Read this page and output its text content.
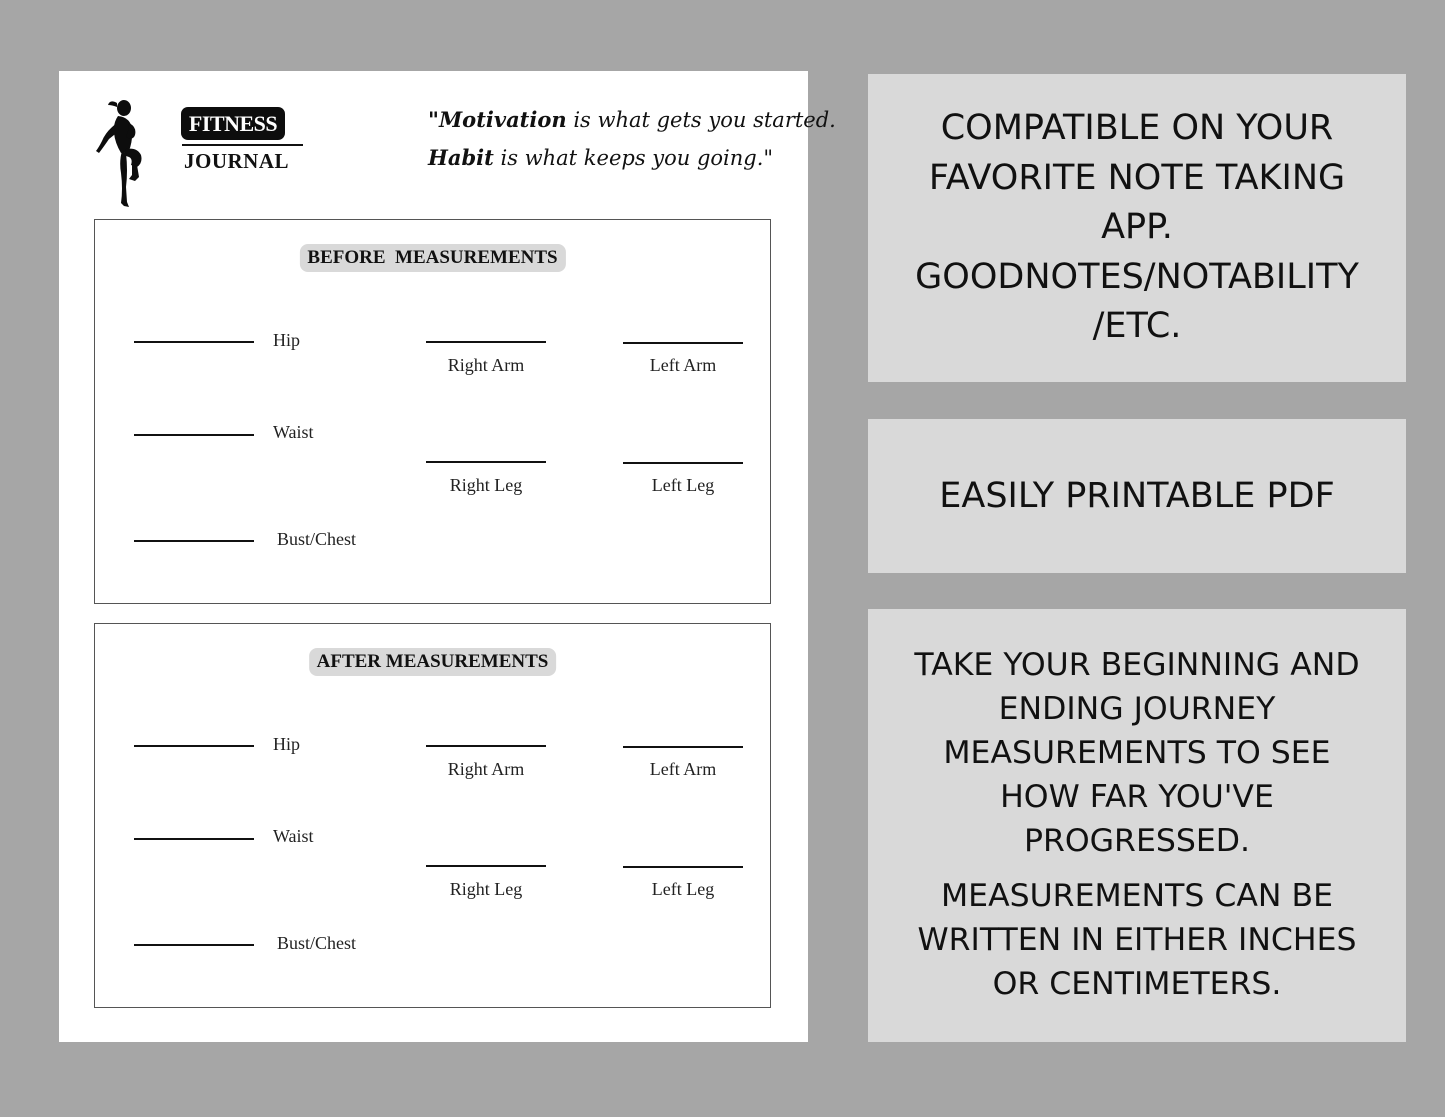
FITNESS
JOURNAL
"Motivation is what gets you started.
Habit is what keeps you going."
BEFORE  MEASUREMENTS
Hip
Right Arm	Left Arm
Waist
Right Leg	Left Leg
Bust/Chest
AFTER MEASUREMENTS
Hip
Right Arm	Left Arm
Waist
Right Leg	Left Leg
Bust/Chest

COMPATIBLE ON YOUR

FAVORITE NOTE TAKING

APP.

GOODNOTES/NOTABILITY

/ETC.

EASILY PRINTABLE PDF

TAKE YOUR BEGINNING AND
ENDING JOURNEY
MEASUREMENTS TO SEE
HOW FAR YOU'VE
PROGRESSED.

MEASUREMENTS CAN BE
WRITTEN IN EITHER INCHES
OR CENTIMETERS.
